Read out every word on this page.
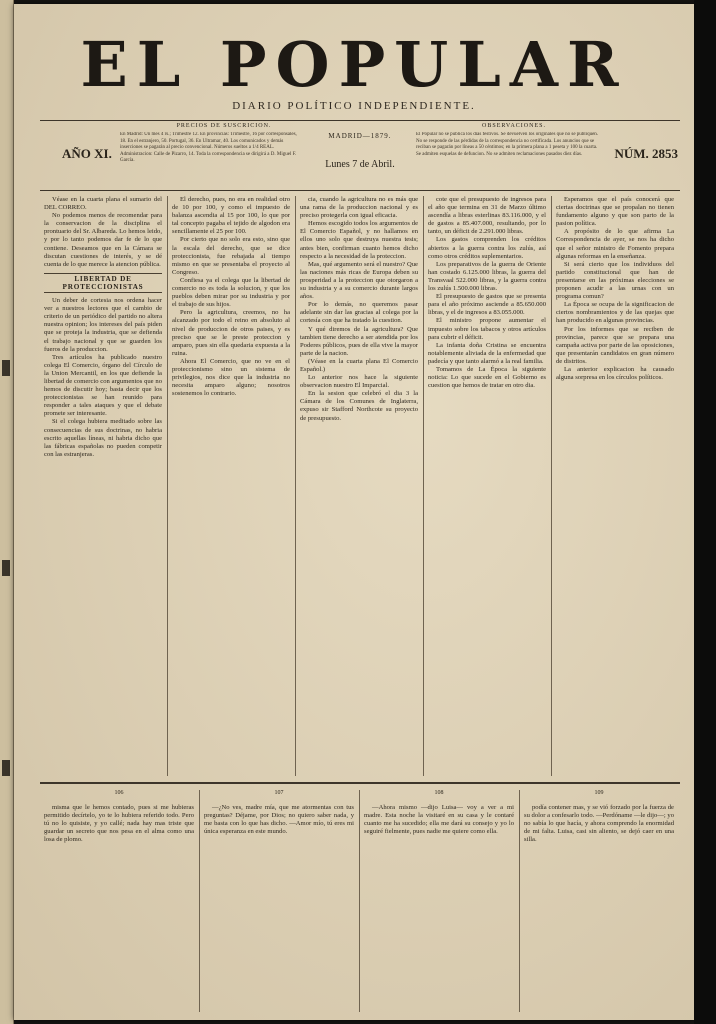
EL POPULAR
DIARIO POLÍTICO INDEPENDIENTE.
PRECIOS DE SUSCRICION.
En Madrid: Un mes 4 rs.; Trimestre 12. En provincias: Trimestre, 16 por corresponsales, 18. En el estranjero, 50. Portugal, 36. En Ultramar, 40. Los comunicados y demás inserciones se pagarán al precio convencional. Números sueltos a 1/4 REAL. Administracion: Calle de Pizarro, 14. Toda la correspondencia se dirigirá a D. Miguel F. García.
AÑO XI.
MADRID—1879.
Lunes 7 de Abril.
OBSERVACIONES.
El Popular no se publica los días festivos. Se devuelven los originales que no se publiquen. No se responde de las pérdidas de la correspondencia no certificada. Los anuncios que se reciban se pagarán por líneas a 50 céntimos; en la primera plana a 1 peseta y 100 la cuarta. Se admiten esquelas de defuncion. No se admiten reclamaciones pasados diez días.	NÚM. 2853

Véase en la cuarta plana el sumario del DEL CORREO.

No podemos menos de recomendar para la conservacion de la disciplina el prontuario del Sr. Albareda. Lo hemos leido, y por lo tanto podemos dar fe de lo que contiene. Deseamos que en la Cámara se discutan cuestiones de interés, y se dé cuenta de lo que merece la atencion pública.

LIBERTAD DE PROTECCIONISTAS

Un deber de cortesia nos ordena hacer ver a nuestros lectores que el cambio de criterio de un periódico del partido no altera nuestra opinion; los intereses del país piden que se proteja la industria, que se defienda el trabajo nacional y que se guarden los fueros de la produccion.

Tres artículos ha publicado nuestro colega El Comercio, órgano del Círculo de la Union Mercantil, en los que defiende la libertad de comercio con argumentos que no hemos de discutir hoy; basta decir que los proteccionistas se han reunido para responder a tales ataques y que el debate promete ser interesante.

Si el colega hubiera meditado sobre las consecuencias de sus doctrinas, no habria escrito aquellas líneas, ni habria dicho que las fábricas españolas no pueden competir con las estranjeras.

El derecho, pues, no era en realidad otro de 10 por 100, y como el impuesto de balanza ascendia al 15 por 100, lo que por tal concepto pagaba el tejido de algodon era sencillamente el 25 por 100.

Por cierto que no solo era esto, sino que la escala del derecho, que se dice proteccionista, fue rebajada al tiempo mismo en que se presentaba el proyecto al Congreso.

Confiesa ya el colega que la libertad de comercio no es toda la solucion, y que los pueblos deben mirar por su industria y por el trabajo de sus hijos.

Pero la agricultura, creemos, no ha alcanzado por todo el reino en absoluto al nivel de produccion de otros paises, y es preciso que se le preste proteccion y amparo, pues sin ella quedaria expuesta a la ruina.

Ahora El Comercio, que no ve en el proteccionismo sino un sistema de privilegios, nos dice que la industria no necesita amparo alguno; nosotros sostenemos lo contrario.

cia, cuando la agricultura no es más que una rama de la produccion nacional y es preciso protegerla con igual eficacia.

Hemos escogido todos los argumentos de El Comercio Español, y no hallamos en ellos uno solo que destruya nuestra tesis; antes bien, confirman cuanto hemos dicho respecto a la necesidad de la proteccion.

Mas, qué argumento será el nuestro? Que las naciones más ricas de Europa deben su prosperidad a la proteccion que otorgaron a su industria y a su comercio durante largos años.

Por lo demás, no queremos pasar adelante sin dar las gracias al colega por la cortesía con que ha tratado la cuestion.

Y qué diremos de la agricultura? Que tambien tiene derecho a ser atendida por los Poderes públicos, pues de ella vive la mayor parte de la nacion.

(Véase en la cuarta plana El Comercio Español.)

Lo anterior nos hace la siguiente observacion nuestro El Imparcial.

En la sesion que celebró el dia 3 la Cámara de los Comunes de Inglaterra, expuso sir Stafford Northcote su proyecto de presupuesto.

cote que el presupuesto de ingresos para el año que termina en 31 de Marzo último ascendía a libras esterlinas 83.116.000, y el de gastos a 85.407.000, resultando, por lo tanto, un déficit de 2.291.000 libras.

Los gastos comprenden los créditos abiertos a la guerra contra los zulús, así como otros créditos suplementarios.

Los preparativos de la guerra de Oriente han costado 6.125.000 libras, la guerra del Transvaal 522.000 libras, y la guerra contra los zulús 1.500.000 libras.

El presupuesto de gastos que se presenta para el año próximo asciende a 85.650.000 libras, y el de ingresos a 83.055.000.

El ministro propone aumentar el impuesto sobre los tabacos y otros artículos para cubrir el déficit.

La infanta doña Cristina se encuentra notablemente aliviada de la enfermedad que padecía y que tanto alarmó a la real familia.

Tomamos de La Época la siguiente noticia: Lo que sucede en el Gobierno es cuestion que hemos de tratar en otro dia.

Esperamos que el país conocerá que ciertas doctrinas que se propalan no tienen fundamento alguno y que son parto de la pasion política.

A propósito de lo que afirma La Correspondencia de ayer, se nos ha dicho que el señor ministro de Fomento prepara algunas reformas en la enseñanza.

Si será cierto que los individuos del partido constitucional que han de presentarse en las próximas elecciones se proponen acudir a las urnas con un programa comun?

La Época se ocupa de la significacion de ciertos nombramientos y de las quejas que han producido en algunas provincias.

Por los informes que se reciben de provincias, parece que se prepara una campaña activa por parte de las oposiciones, que presentarán candidatos en gran número de distritos.

La anterior explicacion ha causado alguna sorpresa en los círculos políticos.

106	107	108	109

misma que le hemos contado, pues si me hubieras permitido decírtelo, yo te lo hubiera referido todo. Pero tú no lo quisiste, y yo callé; nada hay mas triste que guardar un secreto que nos pesa en el alma como una losa de plomo.

—¿No ves, madre mía, que me atormentas con tus preguntas? Déjame, por Dios; no quiero saber nada, y me basta con lo que has dicho. —Amor mío, tú eres mi única esperanza en este mundo.

—Ahora mismo —dijo Luisa— voy a ver a mi madre. Esta noche la visitaré en su casa y le contaré cuanto me ha sucedido; ella me dará su consejo y yo lo seguiré fielmente, pues nadie me quiere como ella.

podía contener mas, y se vió forzado por la fuerza de su dolor a confesarlo todo. —Perdóname —le dijo—; yo no sabía lo que hacía, y ahora comprendo la enormidad de mi falta. Luisa, casi sin aliento, se dejó caer en una silla.
